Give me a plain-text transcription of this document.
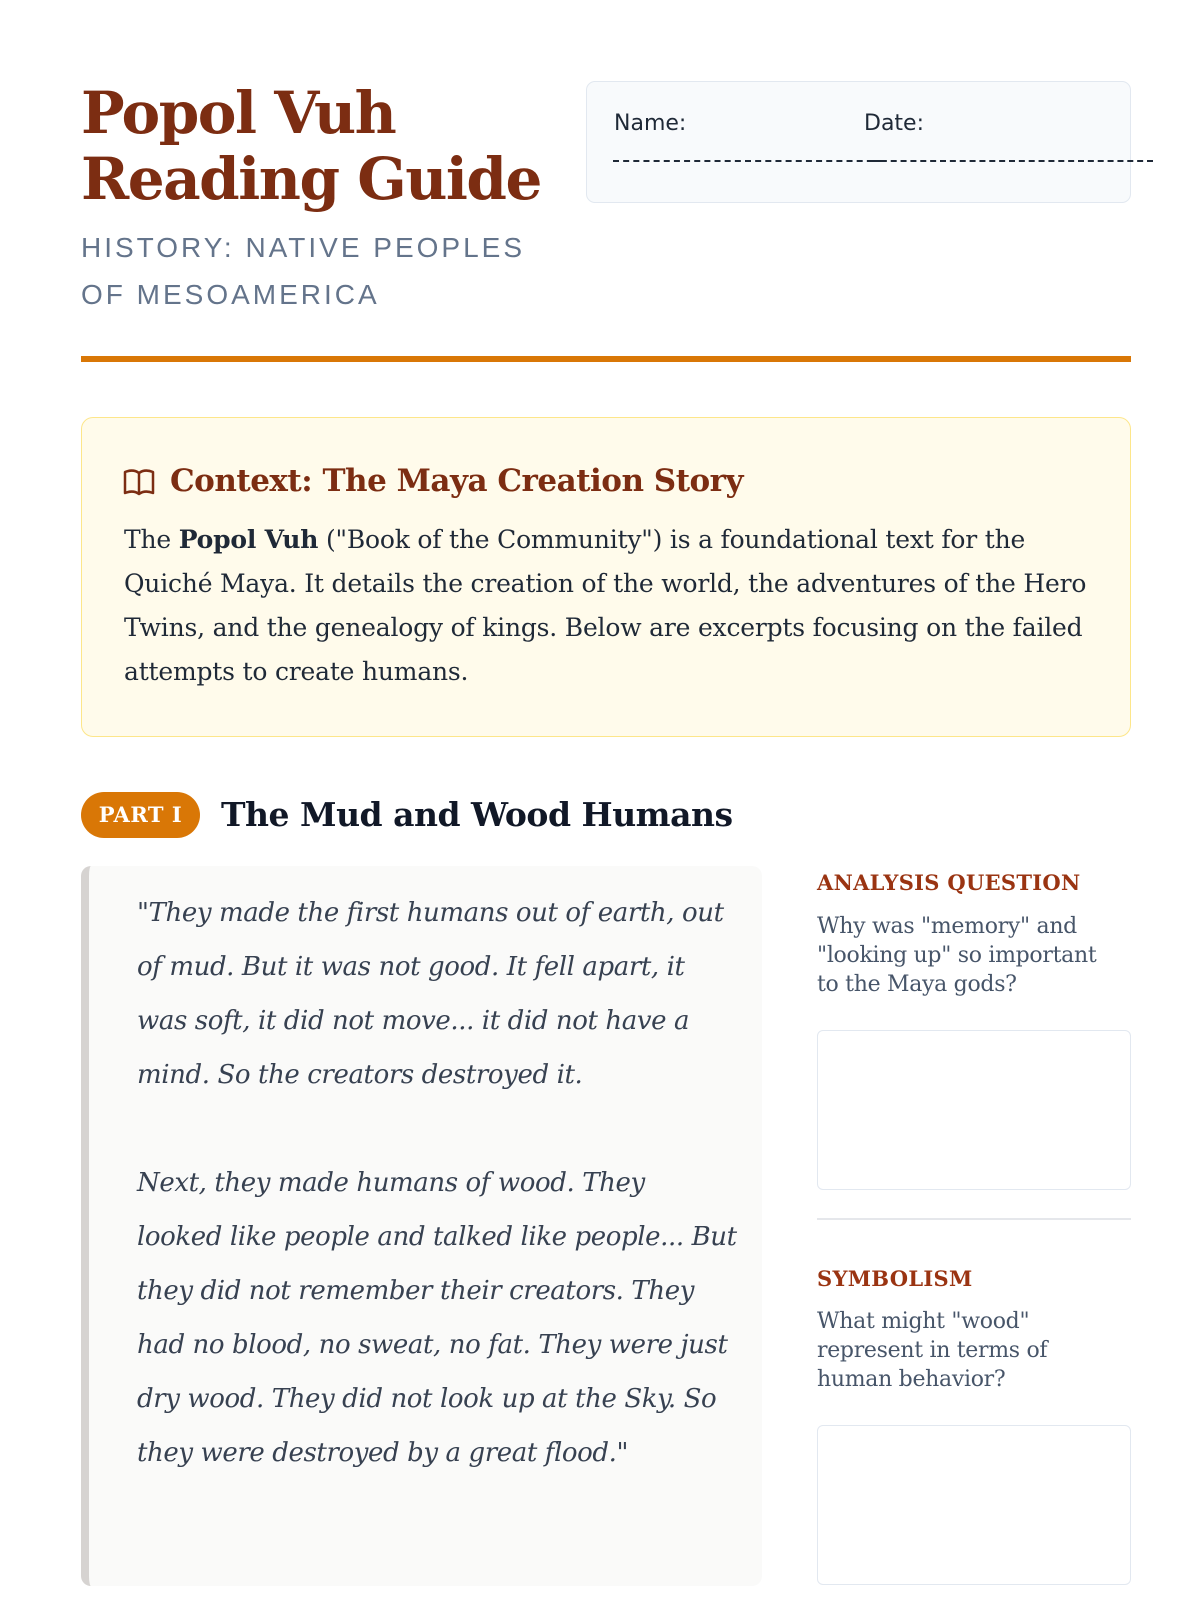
Popol Vuh
Reading Guide
HISTORY: NATIVE PEOPLES OF MESOAMERICA
Name:	Date:
Context: The Maya Creation Story

The Popol Vuh ("Book of the Community") is a foundational text for the Quiché Maya. It details the creation of the world, the adventures of the Hero Twins, and the genealogy of kings. Below are excerpts focusing on the failed attempts to create humans.

PART I	The Mud and Wood Humans

"They made the first humans out of earth, out of mud. But it was not good. It fell apart, it was soft, it did not move... it did not have a mind. So the creators destroyed it.

Next, they made humans of wood. They looked like people and talked like people... But they did not remember their creators. They had no blood, no sweat, no fat. They were just dry wood. They did not look up at the Sky. So they were destroyed by a great flood."

ANALYSIS QUESTION

Why was "memory" and "looking up" so important to the Maya gods?

SYMBOLISM

What might "wood" represent in terms of human behavior?
